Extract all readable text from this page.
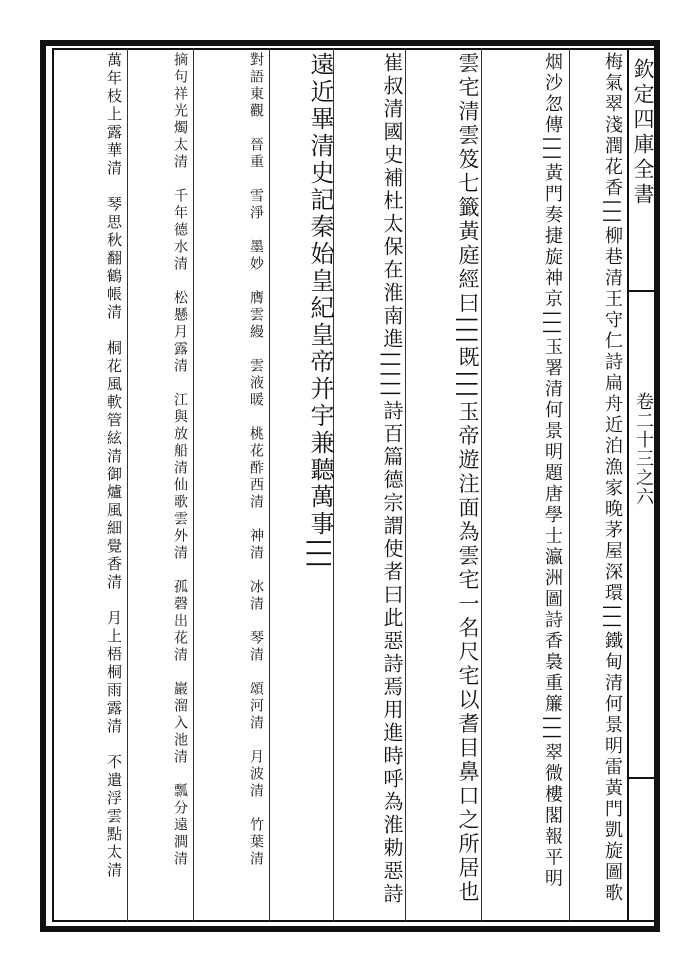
欽定四庫全書
卷二十三之六
梅氣翠淺潤花香|||柳巷清王守仁詩扁舟近泊漁家晚茅屋深環|||鐵甸清何景明雷黃門凱旋圖歌
烟沙忽傳|||黃門奏捷旋神京|||玉署清何景明題唐學士瀛洲圖詩香裊重簾|||翠微樓閣報平明
雲宅清雲笈七籤黃庭經曰|||既|||玉帝遊注面為雲宅一名尺宅以耆目鼻口之所居也
崔叔清國史補杜太保在淮南進|||||詩百篇德宗謂使者曰此惡詩焉用進時呼為淮勅惡詩
遠近畢清史記秦始皇紀皇帝并宇兼聽萬事|||
對語東觀　晉重　雪淨　墨妙　膺雲縵　雲液暖　桃花酢西清　神清　冰清　琴清　頌河清　月波清　竹葉清
摘句祥光燭太清　千年德水清　松懸月露清　江與放船清仙歌雲外清　孤磬出花清　巖溜入池清　瓢分遠澗清
萬年枝上露華清　琴思秋翻鶴帳清　桐花風軟管絃清御爐風細覺香清　月上梧桐雨露清　不遣浮雲點太清
